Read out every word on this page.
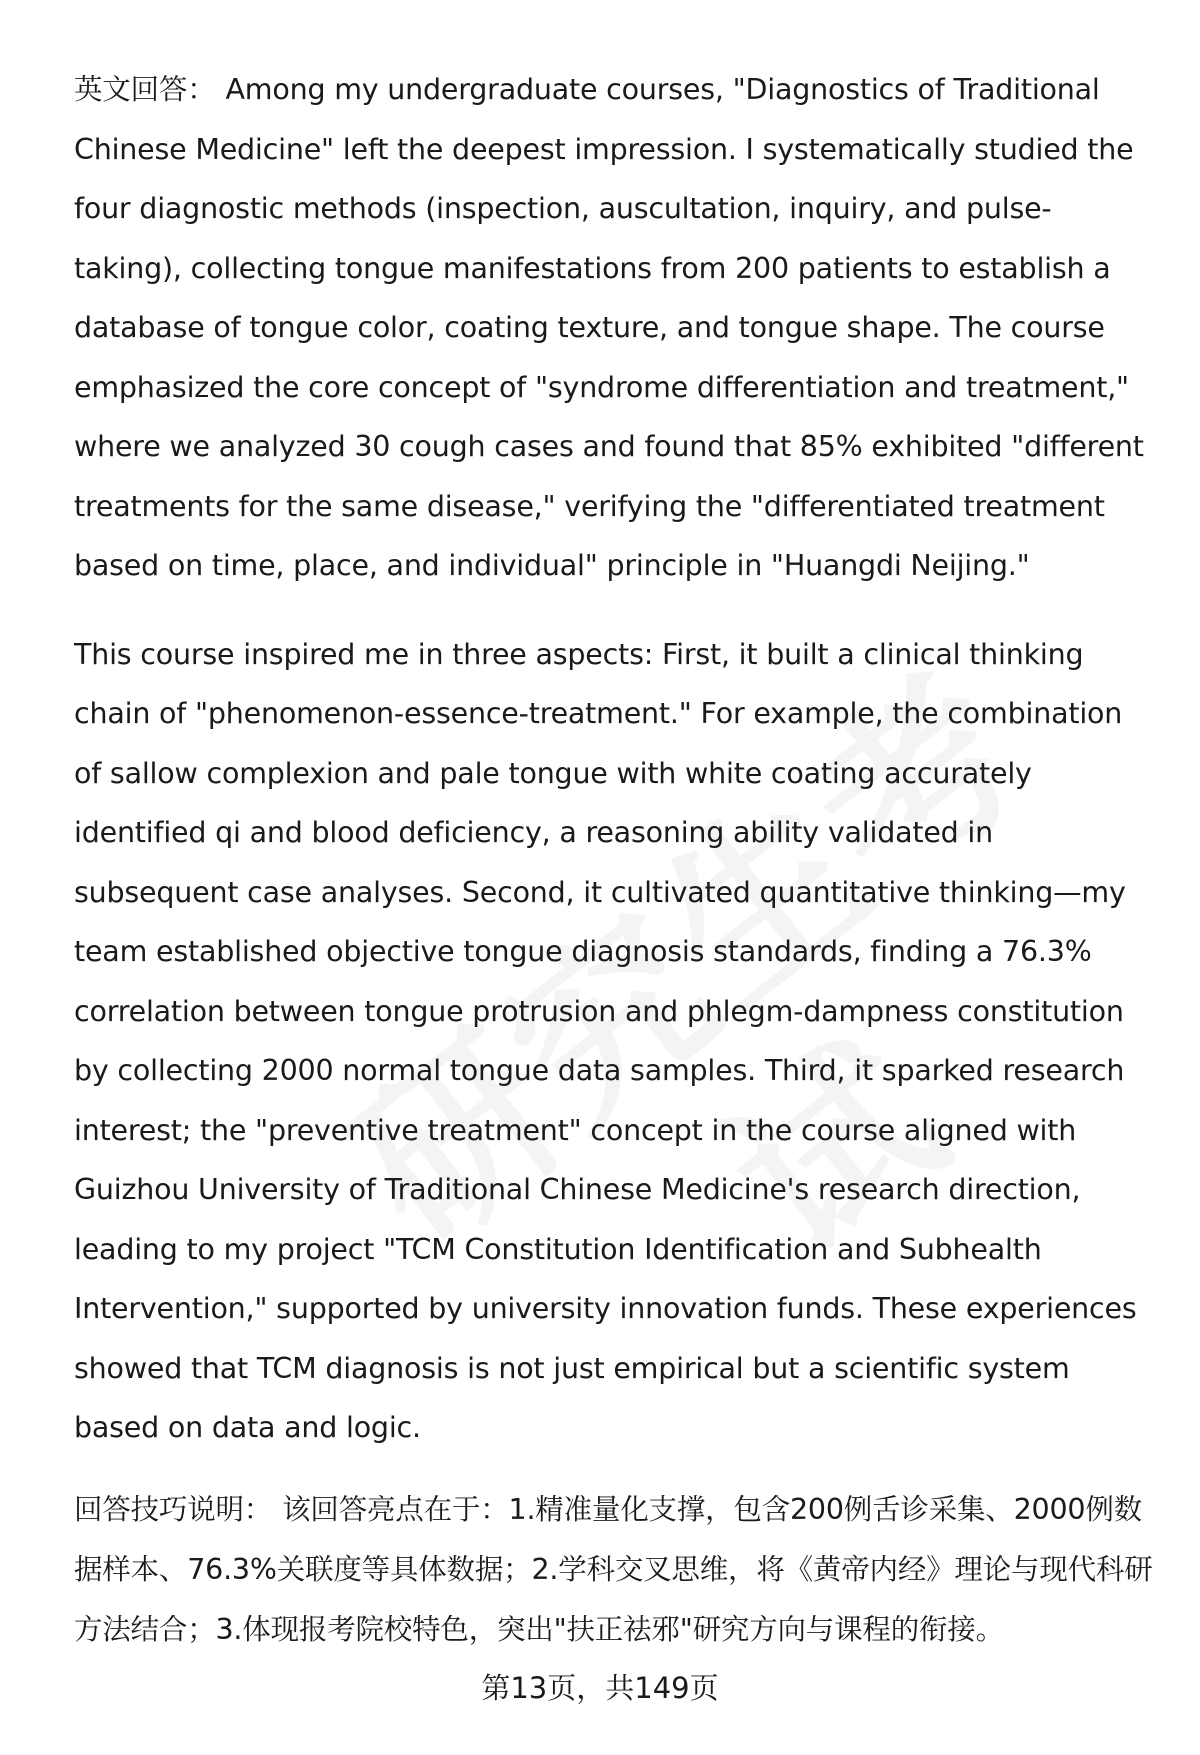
英文回答： Among my undergraduate courses, "Diagnostics of Traditional Chinese Medicine" left the deepest impression. I systematically studied the four diagnostic methods (inspection, auscultation, inquiry, and pulse-taking), collecting tongue manifestations from 200 patients to establish a database of tongue color, coating texture, and tongue shape. The course emphasized the core concept of "syndrome differentiation and treatment," where we analyzed 30 cough cases and found that 85% exhibited "different treatments for the same disease," verifying the "differentiated treatment based on time, place, and individual" principle in "Huangdi Neijing."

This course inspired me in three aspects: First, it built a clinical thinking chain of "phenomenon-essence-treatment." For example, the combination of sallow complexion and pale tongue with white coating accurately identified qi and blood deficiency, a reasoning ability validated in subsequent case analyses. Second, it cultivated quantitative thinking—my team established objective tongue diagnosis standards, finding a 76.3% correlation between tongue protrusion and phlegm-dampness constitution by collecting 2000 normal tongue data samples. Third, it sparked research interest; the "preventive treatment" concept in the course aligned with Guizhou University of Traditional Chinese Medicine's research direction, leading to my project "TCM Constitution Identification and Subhealth Intervention," supported by university innovation funds. These experiences showed that TCM diagnosis is not just empirical but a scientific system based on data and logic.

回答技巧说明： 该回答亮点在于：1.精准量化支撑，包含200例舌诊采集、2000例数据样本、76.3%关联度等具体数据；2.学科交叉思维，将《黄帝内经》理论与现代科研方法结合；3.体现报考院校特色，突出"扶正祛邪"研究方向与课程的衔接。
第13页，共149页
